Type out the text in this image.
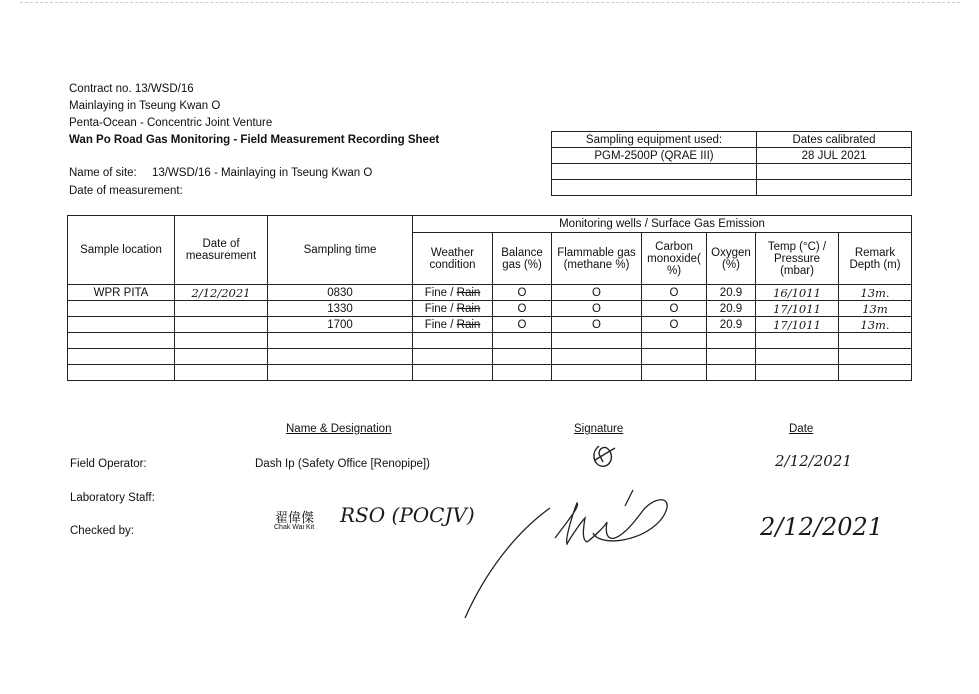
Contract no. 13/WSD/16
Mainlaying in Tseung Kwan O
Penta-Ocean - Concentric Joint Venture
Wan Po Road Gas Monitoring - Field Measurement Recording Sheet
Name of site: 13/WSD/16 - Mainlaying in Tseung Kwan O
Date of measurement:
Sampling equipment used:	Dates calibrated
PGM-2500P (QRAE III)	28 JUL 2021

Sample location	Date of measurement	Sampling time	Monitoring wells / Surface Gas Emission						
			Weather condition	Balance gas (%)	Flammable gas (methane %)	Carbon monoxide( %)	Oxygen (%)	Temp (°C) / Pressure (mbar)	Remark Depth (m)
WPR PITA	2/12/2021	0830	Fine / Rain	O	O	O	20.9	16/1011	13m.
		1330	Fine / Rain	O	O	O	20.9	17/1011	13m
		1700	Fine / Rain	O	O	O	20.9	17/1011	13m.

Name & Designation	Signature	Date
Field Operator:	Dash Ip (Safety Office [Renopipe])	2/12/2021
Laboratory Staff:
Checked by:
翟偉傑
Chak Wai Kit
RSO (POCJV)	2/12/2021
